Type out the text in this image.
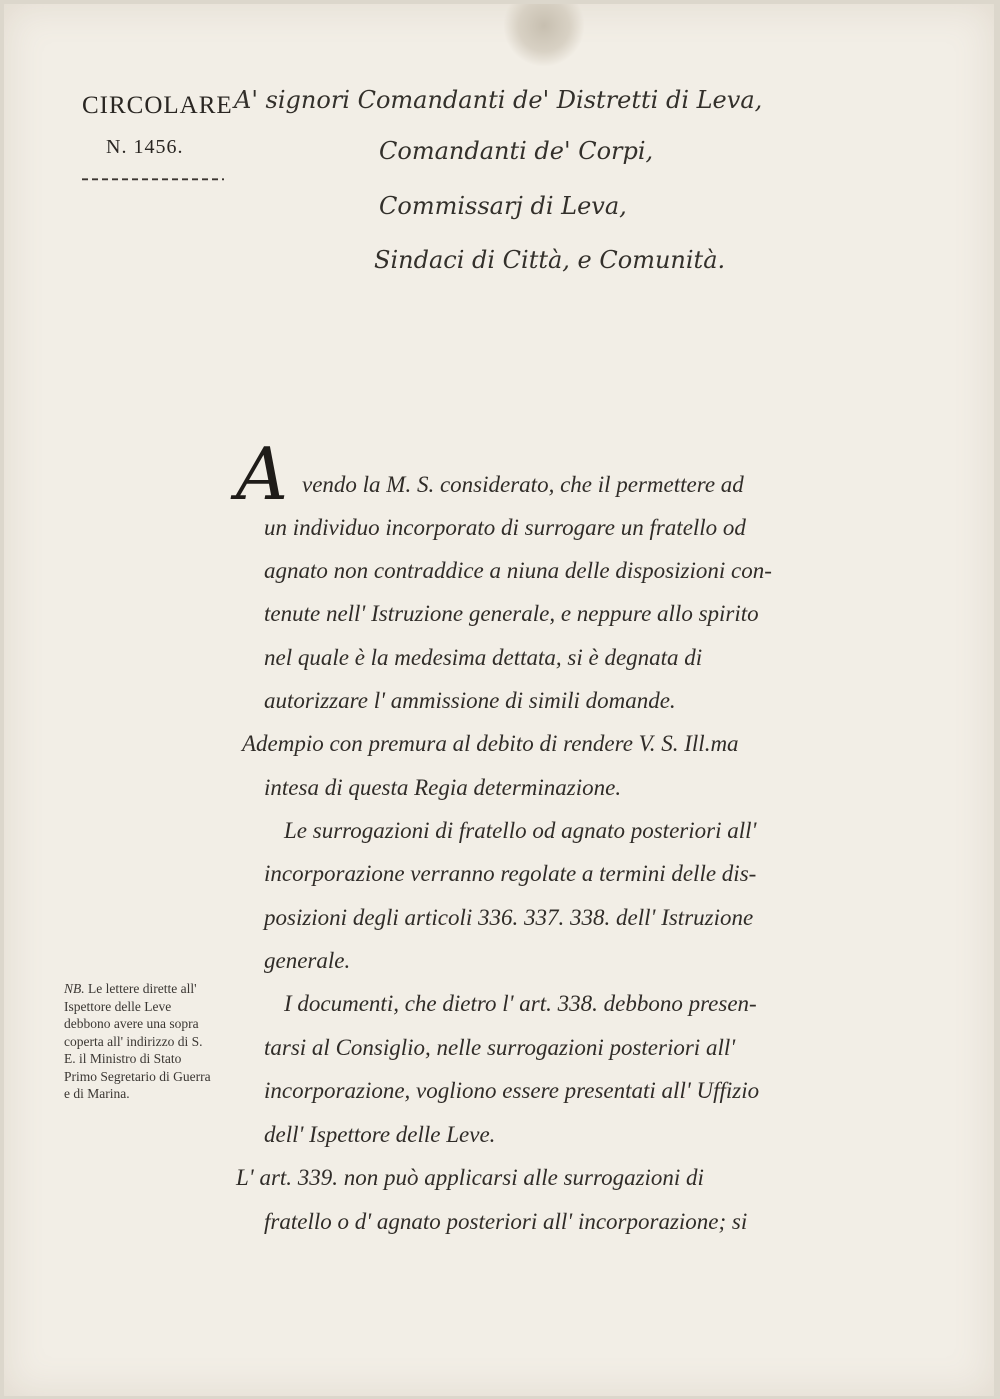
CIRCOLARE
N. 1456.
A' signori Comandanti de' Distretti di Leva,
Comandanti de' Corpi,
Commissarj di Leva,
Sindaci di Città, e Comunità.
A vendo la M. S. considerato, che il permettere ad
un individuo incorporato di surrogare un fratello od
agnato non contraddice a niuna delle disposizioni con-
tenute nell' Istruzione generale, e neppure allo spirito
nel quale è la medesima dettata, si è degnata di
autorizzare l' ammissione di simili domande.
Adempio con premura al debito di rendere V. S. Ill.ma
intesa di questa Regia determinazione.
Le surrogazioni di fratello od agnato posteriori all'
incorporazione verranno regolate a termini delle dis-
posizioni degli articoli 336. 337. 338. dell' Istruzione
generale.
I documenti, che dietro l' art. 338. debbono presen-
tarsi al Consiglio, nelle surrogazioni posteriori all'
incorporazione, vogliono essere presentati all' Uffizio
dell' Ispettore delle Leve.
L' art. 339. non può applicarsi alle surrogazioni di
fratello o d' agnato posteriori all' incorporazione; si
NB. Le lettere dirette all' Ispettore delle Leve debbono avere una sopra coperta all' indirizzo di S. E. il Ministro di Stato Primo Segretario di Guerra e di Marina.
